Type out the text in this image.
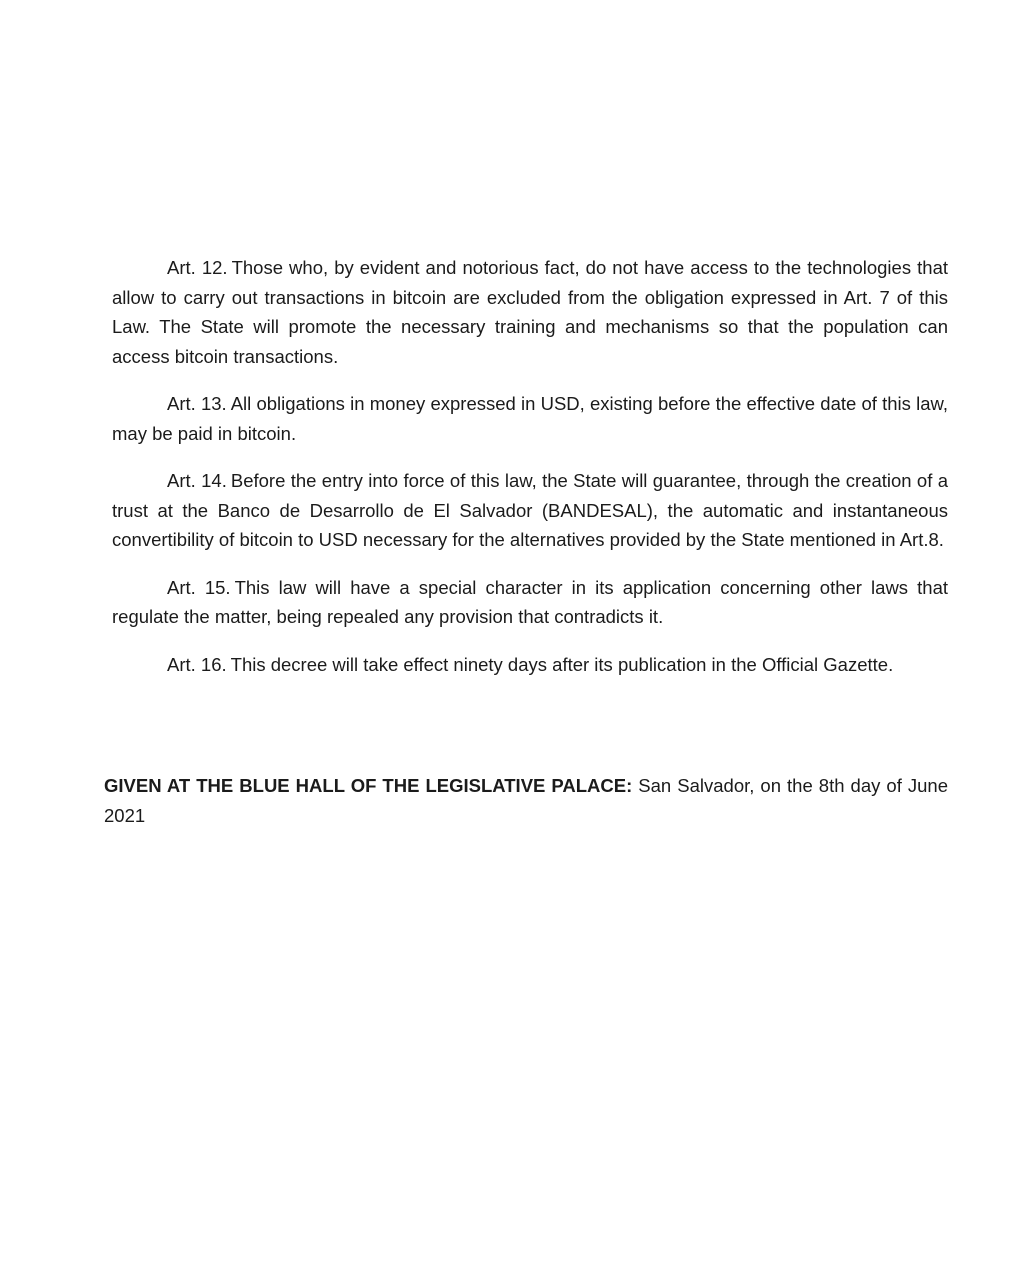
Art. 12. Those who, by evident and notorious fact, do not have access to the technologies that allow to carry out transactions in bitcoin are excluded from the obligation expressed in Art. 7 of this Law. The State will promote the necessary training and mechanisms so that the population can access bitcoin transactions.

Art. 13. All obligations in money expressed in USD, existing before the effective date of this law, may be paid in bitcoin.

Art. 14. Before the entry into force of this law, the State will guarantee, through the creation of a trust at the Banco de Desarrollo de El Salvador (BANDESAL), the automatic and instantaneous convertibility of bitcoin to USD necessary for the alternatives provided by the State mentioned in Art.8.

Art. 15. This law will have a special character in its application concerning other laws that regulate the matter, being repealed any provision that contradicts it.

Art. 16. This decree will take effect ninety days after its publication in the Official Gazette.

GIVEN AT THE BLUE HALL OF THE LEGISLATIVE PALACE: San Salvador, on the 8th day of June 2021
